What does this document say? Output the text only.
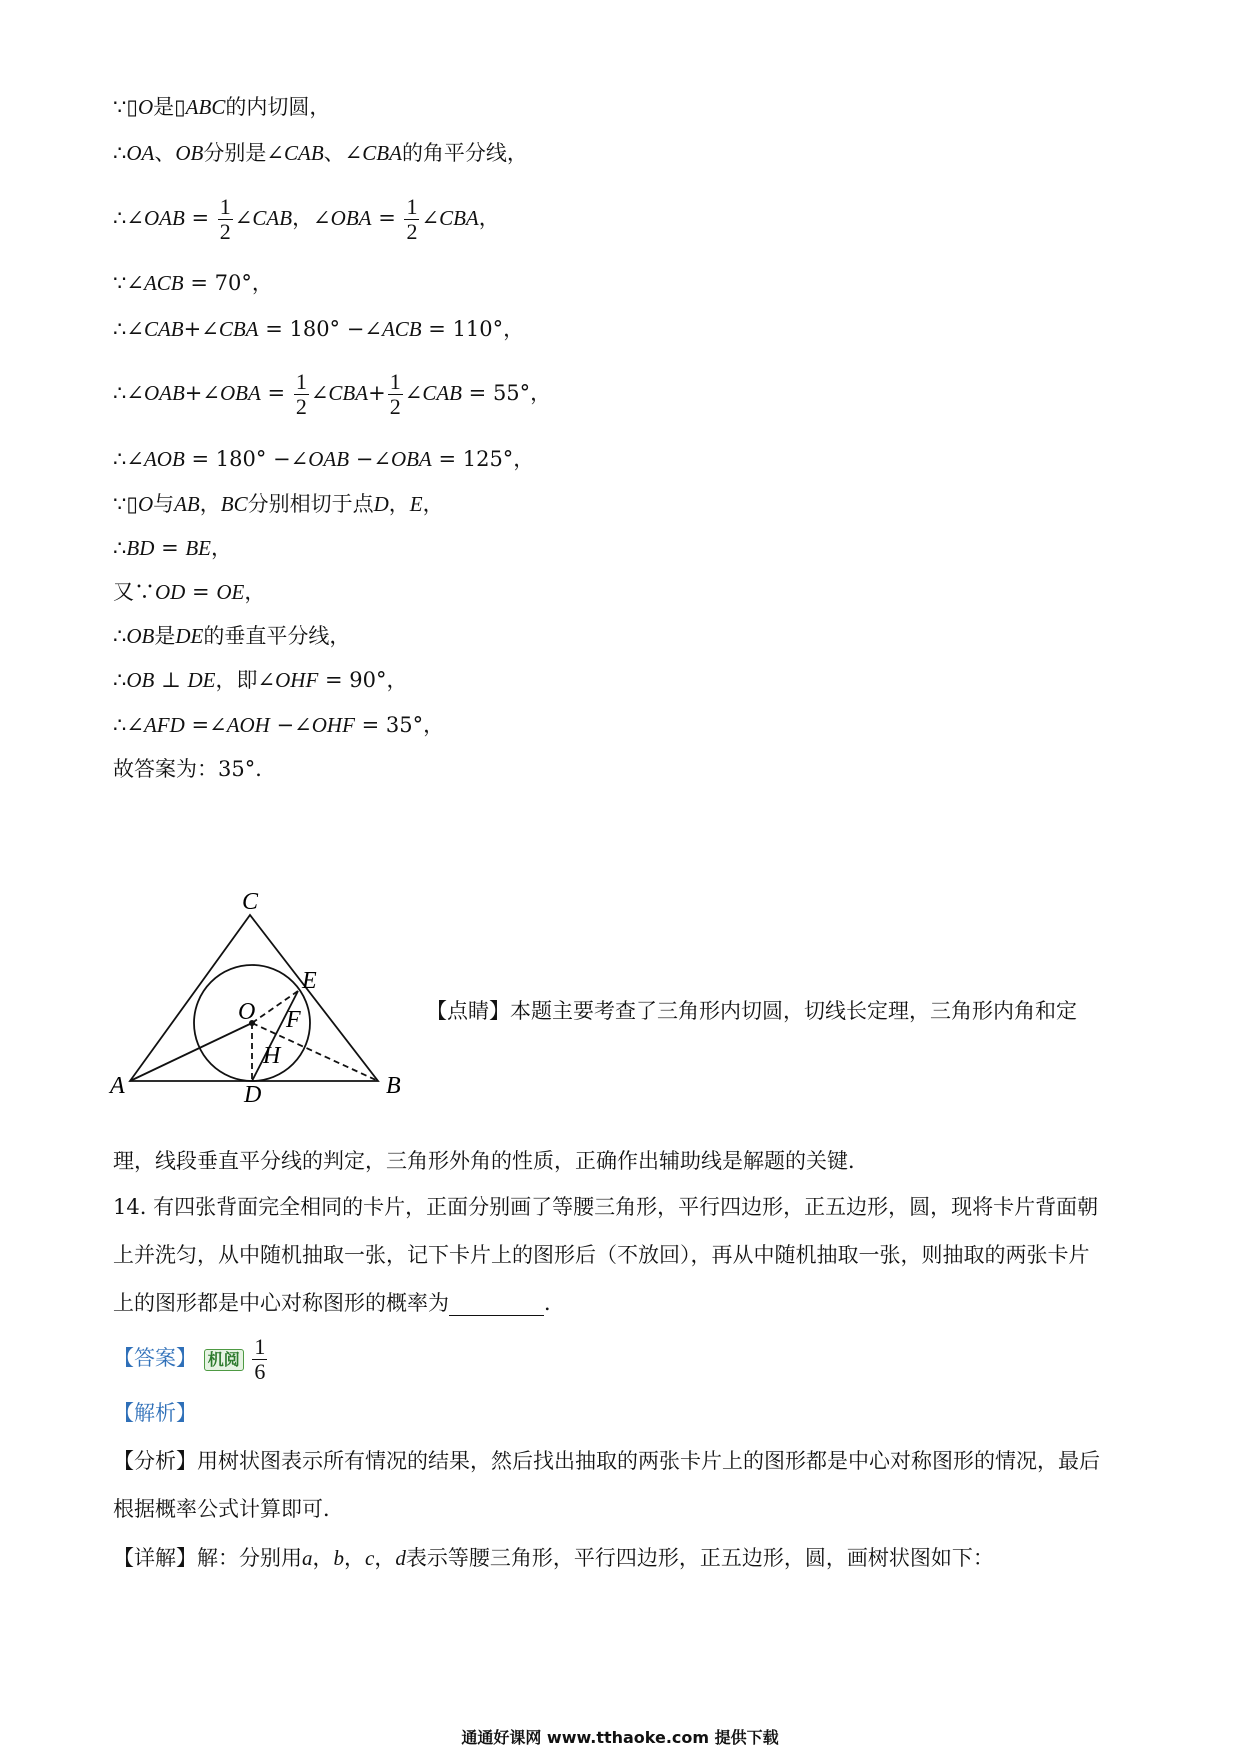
∵▯O是▯ABC的内切圆，
∴OA、OB分别是∠CAB、∠CBA的角平分线，
∴∠OAB = $\frac{1}{2}$ ∠CAB，∠OBA = $\frac{1}{2}$ ∠CBA，
∵∠ACB = 70°，
∴∠CAB+∠CBA = 180° −∠ACB = 110°，
∴∠OAB+∠OBA = $\frac{1}{2}$ ∠CBA+ $\frac{1}{2}$ ∠CAB = 55°，
∴∠AOB = 180° −∠OAB −∠OBA = 125°，
∵▯O与AB，BC分别相切于点D，E，
∴BD = BE，
又∵OD = OE，
∴OB是DE的垂直平分线，
∴OB ⊥ DE，即∠OHF = 90°，
∴∠AFD =∠AOH −∠OHF = 35°，
故答案为：35°．
C
E
O F
H
A	D	B
【点睛】本题主要考查了三角形内切圆，切线长定理，三角形内角和定
理，线段垂直平分线的判定，三角形外角的性质，正确作出辅助线是解题的关键．
14. 有四张背面完全相同的卡片，正面分别画了等腰三角形，平行四边形，正五边形，圆，现将卡片背面朝
上并洗匀，从中随机抽取一张，记下卡片上的图形后（不放回），再从中随机抽取一张，则抽取的两张卡片
上的图形都是中心对称图形的概率为	．
【答案】 机阅 $\frac{1}{6}$
【解析】
【分析】用树状图表示所有情况的结果，然后找出抽取的两张卡片上的图形都是中心对称图形的情况，最后
根据概率公式计算即可．
【详解】解：分别用a，b，c，d表示等腰三角形，平行四边形，正五边形，圆，画树状图如下：
通通好课网 www.tthaoke.com 提供下载
